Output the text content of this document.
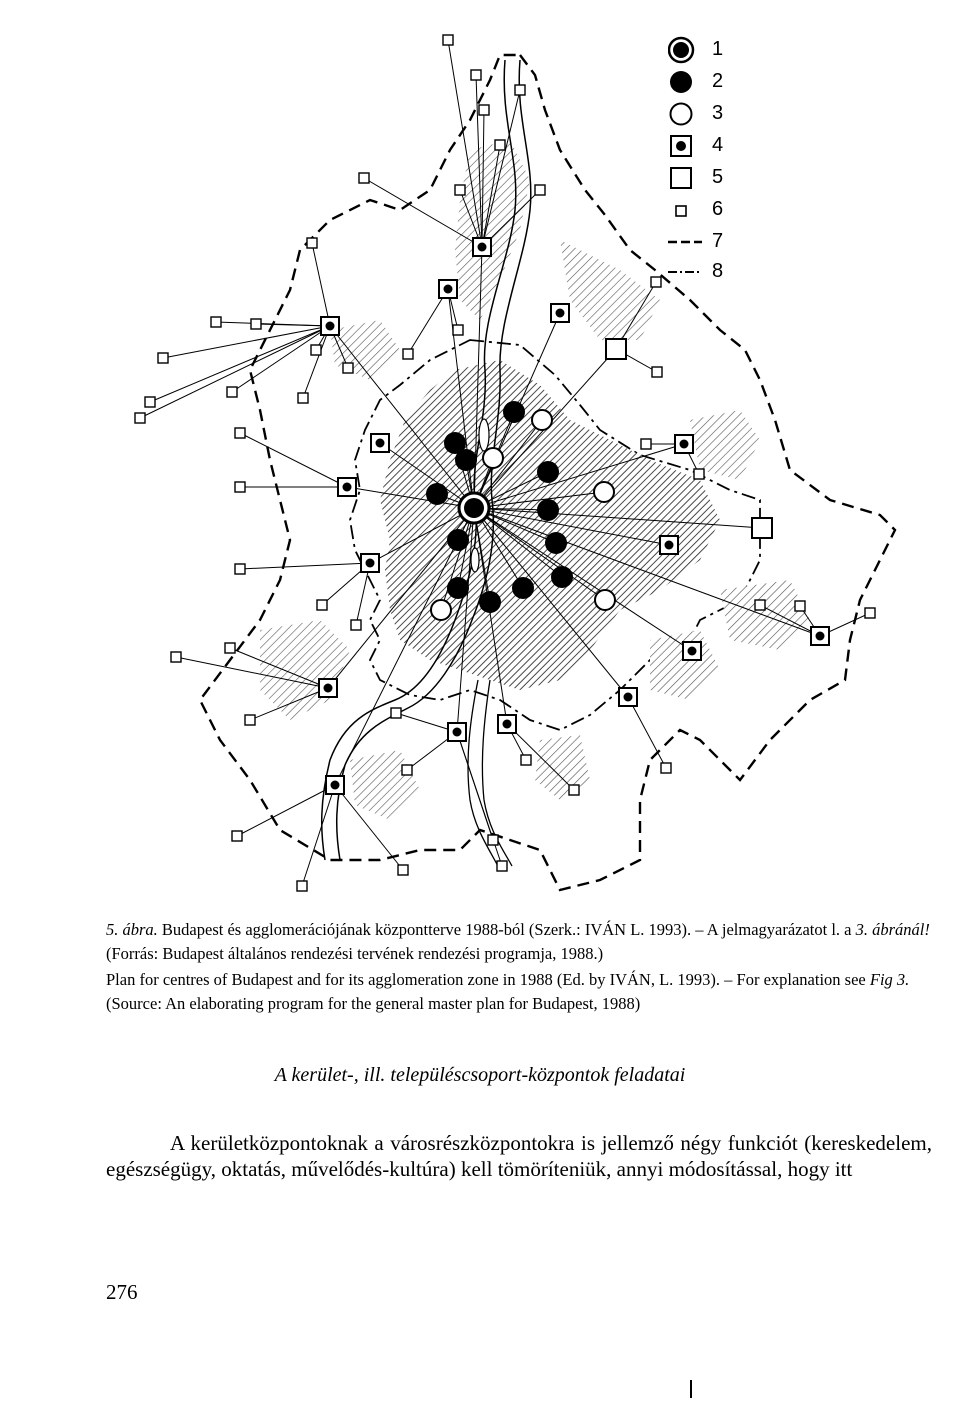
1
2
3
4
5
6
7
8

5. ábra. Budapest és agglomerációjának központterve 1988-ból (Szerk.: IVÁN L. 1993). – A jelmagyarázatot l. a 3. ábránál! (Forrás: Budapest általános rendezési tervének rendezési programja, 1988.)

Plan for centres of Budapest and for its agglomeration zone in 1988 (Ed. by IVÁN, L. 1993). – For explanation see Fig 3. (Source: An elaborating program for the general master plan for Budapest, 1988)

A kerület-, ill. településcsoport-központok feladatai

A kerületközpontoknak a városrészközpontokra is jellemző négy funkciót (kereskedelem, egészségügy, oktatás, művelődés-kultúra) kell tömöríteniük, annyi módosítással, hogy itt

276
